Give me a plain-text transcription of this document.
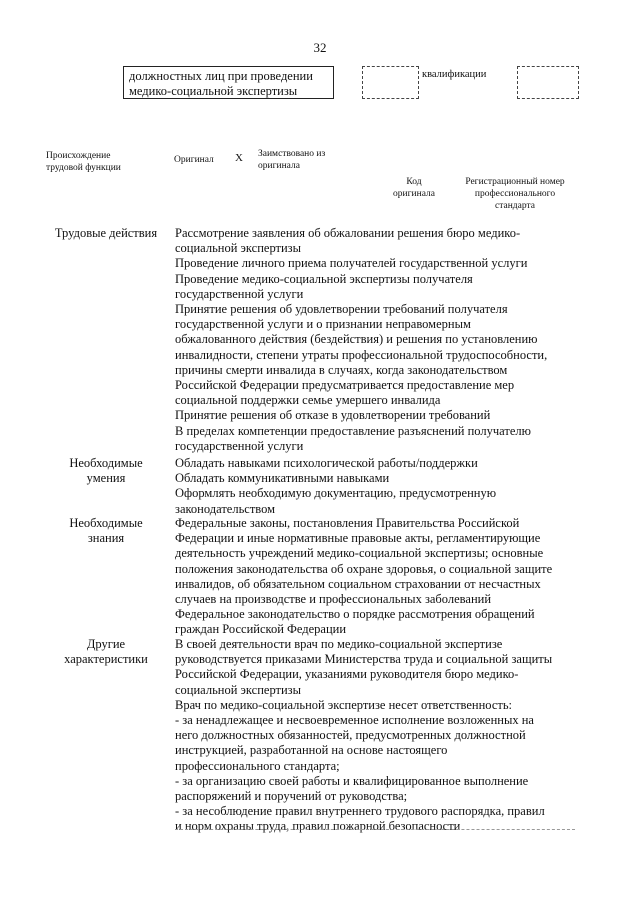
32
должностных лиц при проведении
медико-социальной экспертизы
квалификации
Происхождение
трудовой функции
Оригинал X Заимствовано из
оригинала
Код
оригинала
Регистрационный номер
профессионального
стандарта
Трудовые действия	Рассмотрение заявления об обжаловании решения бюро медико-
социальной экспертизы
Проведение личного приема получателей государственной услуги
Проведение медико-социальной экспертизы получателя
государственной услуги
Принятие решения об удовлетворении требований получателя
государственной услуги и о признании неправомерным
обжалованного действия (бездействия) и решения по установлению
инвалидности, степени утраты профессиональной трудоспособности,
причины смерти инвалида в случаях, когда законодательством
Российской Федерации предусматривается предоставление мер
социальной поддержки семье умершего инвалида
Принятие решения об отказе в удовлетворении требований
В пределах компетенции предоставление разъяснений получателю
государственной услуги
Необходимые
умения
Обладать навыками психологической работы/поддержки
Обладать коммуникативными навыками
Оформлять необходимую документацию, предусмотренную
законодательством
Необходимые
знания
Федеральные законы, постановления Правительства Российской
Федерации и иные нормативные правовые акты, регламентирующие
деятельность учреждений медико-социальной экспертизы; основные
положения законодательства об охране здоровья, о социальной защите
инвалидов, об обязательном социальном страховании от несчастных
случаев на производстве и профессиональных заболеваний
Федеральное законодательство о порядке рассмотрения обращений
граждан Российской Федерации
Другие
характеристики
В своей деятельности врач по медико-социальной экспертизе
руководствуется приказами Министерства труда и социальной защиты
Российской Федерации, указаниями руководителя бюро медико-
социальной экспертизы
Врач по медико-социальной экспертизе несет ответственность:
- за ненадлежащее и несвоевременное исполнение возложенных на
него должностных обязанностей, предусмотренных должностной
инструкцией, разработанной на основе настоящего
профессионального стандарта;
- за организацию своей работы и квалифицированное выполнение
распоряжений и поручений от руководства;
- за несоблюдение правил внутреннего трудового распорядка, правил
и норм охраны труда, правил пожарной безопасности
